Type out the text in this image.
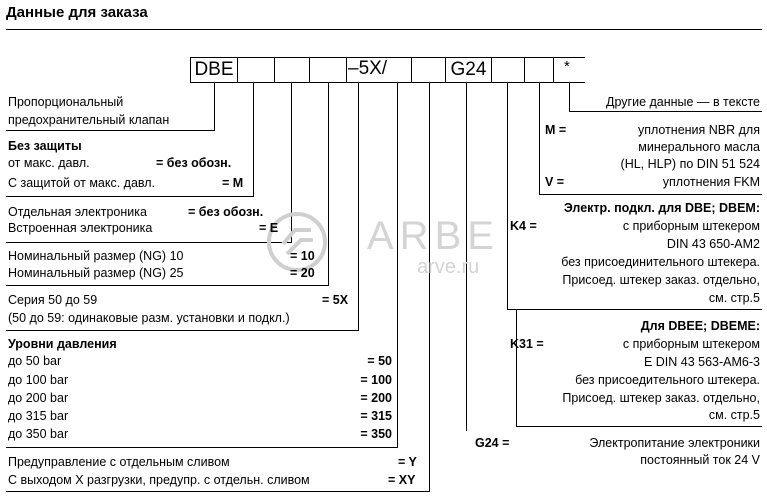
Данные для заказа
DBE	–5X/	G24	*
ARBE
arve.ru
Пропорциональный
предохранительный клапан
Без защиты
от макс. давл.	= без обозн.
С защитой от макс. давл.	= M
Отдельная электроника	= без обозн.
Встроенная электроника	= E
Номинальный размер (NG) 10	= 10
Номинальный размер (NG) 25	= 20
Серия 50 до 59	= 5X
(50 до 59: одинаковые разм. установки и подкл.)
Уровни давления
до 50 bar	= 50
до 100 bar	= 100
до 200 bar	= 200
до 315 bar	= 315
до 350 bar	= 350
Предуправление с отдельным сливом	= Y
С выходом X разгрузки, предупр. с отдельн. сливом	= XY
Другие данные — в тексте
M =	уплотнения NBR для
минерального масла
(HL, HLP) по DIN 51 524
V =	уплотнения FKM
Электр. подкл. для DBE; DBEM:
K4 =	с приборным штекером
DIN 43 650-AM2
без присоединительного штекера.
Присоед. штекер заказ. отдельно,
см. стр.5
Для DBEE; DBEME:
K31 =	с приборным штекером
E DIN 43 563-AM6-3
без присоедительного штекера.
Присоед. штекер заказ. отдельно,
см. стр.5
G24 =	Электропитание электроники
постоянный ток 24 V
